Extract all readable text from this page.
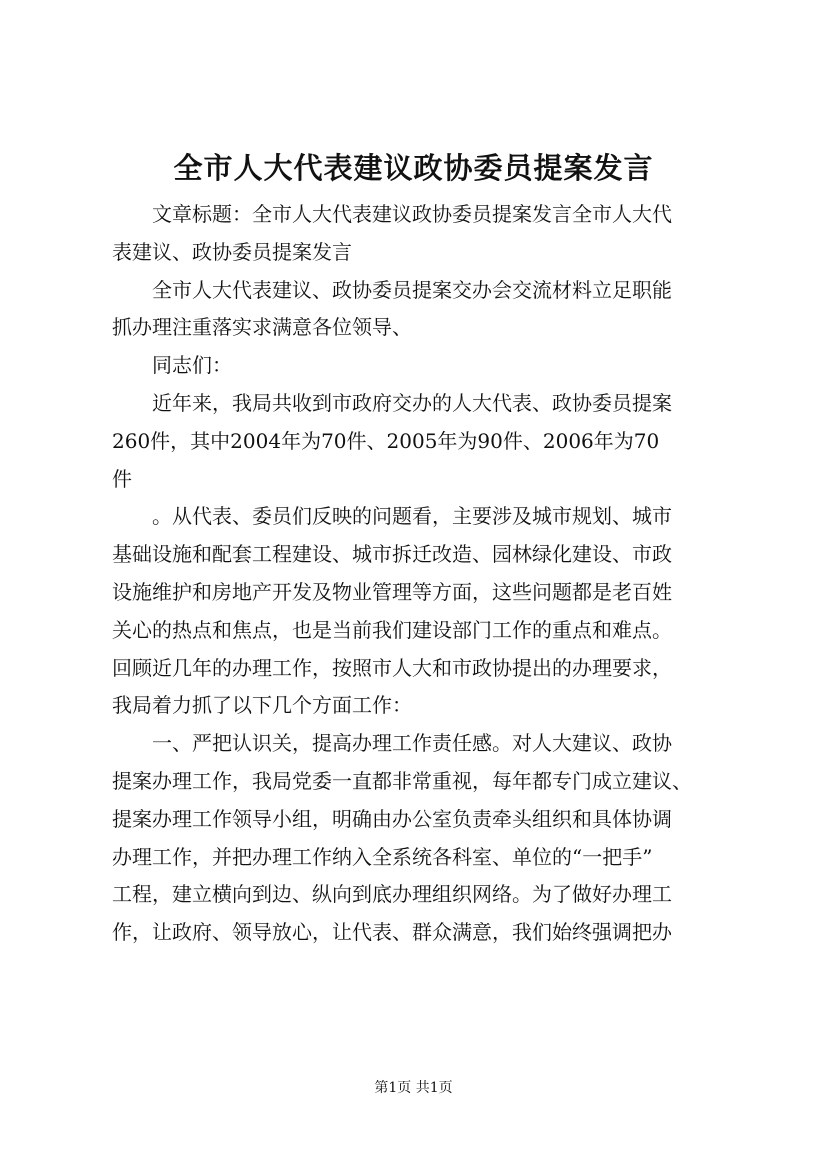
全市人大代表建议政协委员提案发言
文章标题：全市人大代表建议政协委员提案发言全市人大代
表建议、政协委员提案发言
全市人大代表建议、政协委员提案交办会交流材料立足职能
抓办理注重落实求满意各位领导、
同志们：
近年来，我局共收到市政府交办的人大代表、政协委员提案
260件，其中2004年为70件、2005年为90件、2006年为70
件
。从代表、委员们反映的问题看，主要涉及城市规划、城市
基础设施和配套工程建设、城市拆迁改造、园林绿化建设、市政
设施维护和房地产开发及物业管理等方面，这些问题都是老百姓
关心的热点和焦点，也是当前我们建设部门工作的重点和难点。
回顾近几年的办理工作，按照市人大和市政协提出的办理要求，
我局着力抓了以下几个方面工作：
一、严把认识关，提高办理工作责任感。对人大建议、政协
提案办理工作，我局党委一直都非常重视，每年都专门成立建议、
提案办理工作领导小组，明确由办公室负责牵头组织和具体协调
办理工作，并把办理工作纳入全系统各科室、单位的“一把手”
工程，建立横向到边、纵向到底办理组织网络。为了做好办理工
作，让政府、领导放心，让代表、群众满意，我们始终强调把办
第1页 共1页
